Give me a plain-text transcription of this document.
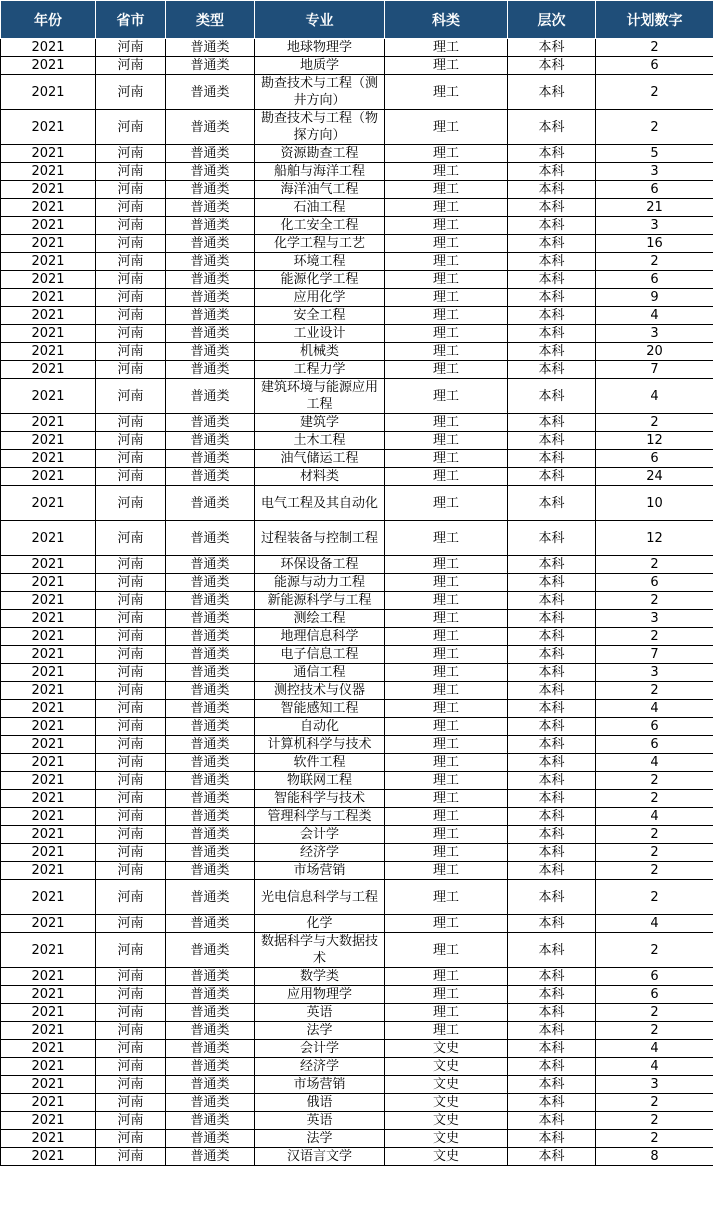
年份	省市	类型	专业	科类	层次	计划数字
2021	河南	普通类	地球物理学	理工	本科	2
2021	河南	普通类	地质学	理工	本科	6
2021	河南	普通类	勘查技术与工程（测井方向）	理工	本科	2
2021	河南	普通类	勘查技术与工程（物探方向）	理工	本科	2
2021	河南	普通类	资源勘查工程	理工	本科	5
2021	河南	普通类	船舶与海洋工程	理工	本科	3
2021	河南	普通类	海洋油气工程	理工	本科	6
2021	河南	普通类	石油工程	理工	本科	21
2021	河南	普通类	化工安全工程	理工	本科	3
2021	河南	普通类	化学工程与工艺	理工	本科	16
2021	河南	普通类	环境工程	理工	本科	2
2021	河南	普通类	能源化学工程	理工	本科	6
2021	河南	普通类	应用化学	理工	本科	9
2021	河南	普通类	安全工程	理工	本科	4
2021	河南	普通类	工业设计	理工	本科	3
2021	河南	普通类	机械类	理工	本科	20
2021	河南	普通类	工程力学	理工	本科	7
2021	河南	普通类	建筑环境与能源应用工程	理工	本科	4
2021	河南	普通类	建筑学	理工	本科	2
2021	河南	普通类	土木工程	理工	本科	12
2021	河南	普通类	油气储运工程	理工	本科	6
2021	河南	普通类	材料类	理工	本科	24
2021	河南	普通类	电气工程及其自动化	理工	本科	10
2021	河南	普通类	过程装备与控制工程	理工	本科	12
2021	河南	普通类	环保设备工程	理工	本科	2
2021	河南	普通类	能源与动力工程	理工	本科	6
2021	河南	普通类	新能源科学与工程	理工	本科	2
2021	河南	普通类	测绘工程	理工	本科	3
2021	河南	普通类	地理信息科学	理工	本科	2
2021	河南	普通类	电子信息工程	理工	本科	7
2021	河南	普通类	通信工程	理工	本科	3
2021	河南	普通类	测控技术与仪器	理工	本科	2
2021	河南	普通类	智能感知工程	理工	本科	4
2021	河南	普通类	自动化	理工	本科	6
2021	河南	普通类	计算机科学与技术	理工	本科	6
2021	河南	普通类	软件工程	理工	本科	4
2021	河南	普通类	物联网工程	理工	本科	2
2021	河南	普通类	智能科学与技术	理工	本科	2
2021	河南	普通类	管理科学与工程类	理工	本科	4
2021	河南	普通类	会计学	理工	本科	2
2021	河南	普通类	经济学	理工	本科	2
2021	河南	普通类	市场营销	理工	本科	2
2021	河南	普通类	光电信息科学与工程	理工	本科	2
2021	河南	普通类	化学	理工	本科	4
2021	河南	普通类	数据科学与大数据技术	理工	本科	2
2021	河南	普通类	数学类	理工	本科	6
2021	河南	普通类	应用物理学	理工	本科	6
2021	河南	普通类	英语	理工	本科	2
2021	河南	普通类	法学	理工	本科	2
2021	河南	普通类	会计学	文史	本科	4
2021	河南	普通类	经济学	文史	本科	4
2021	河南	普通类	市场营销	文史	本科	3
2021	河南	普通类	俄语	文史	本科	2
2021	河南	普通类	英语	文史	本科	2
2021	河南	普通类	法学	文史	本科	2
2021	河南	普通类	汉语言文学	文史	本科	8
